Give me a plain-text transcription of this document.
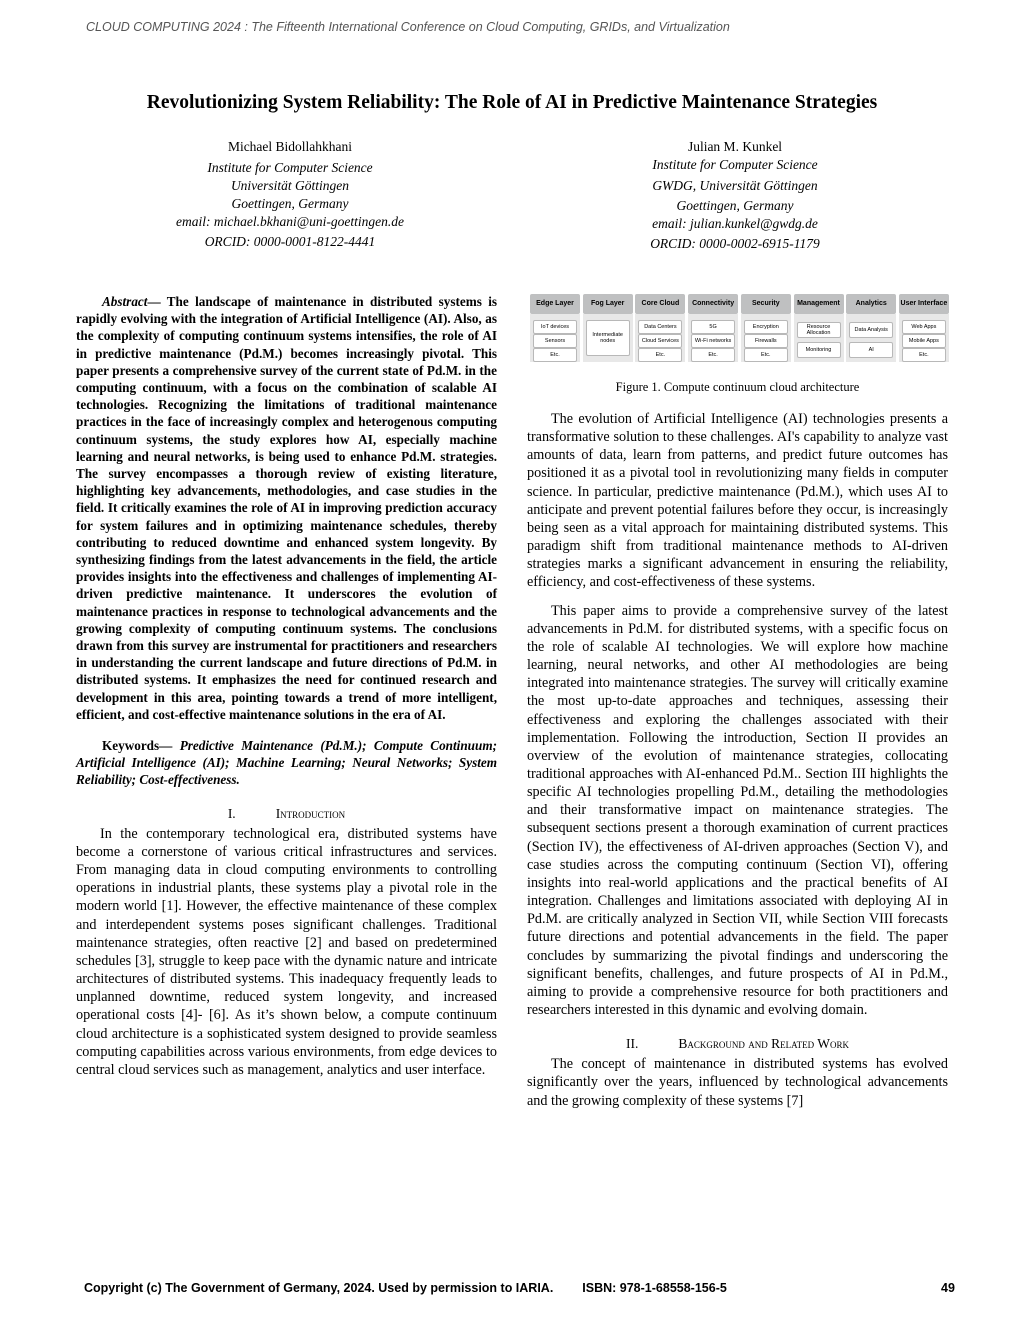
CLOUD COMPUTING 2024 : The Fifteenth International Conference on Cloud Computing, GRIDs, and Virtualization
Revolutionizing System Reliability: The Role of AI in Predictive Maintenance Strategies
Michael Bidollahkhani
Institute for Computer Science
Universität Göttingen
Goettingen, Germany
email: michael.bkhani@uni-goettingen.de
ORCID: 0000-0001-8122-4441
Julian M. Kunkel
Institute for Computer Science
GWDG, Universität Göttingen
Goettingen, Germany
email: julian.kunkel@gwdg.de
ORCID: 0000-0002-6915-1179

Abstract— The landscape of maintenance in distributed systems is rapidly evolving with the integration of Artificial Intelligence (AI). Also, as the complexity of computing continuum systems intensifies, the role of AI in predictive maintenance (Pd.M.) becomes increasingly pivotal. This paper presents a comprehensive survey of the current state of Pd.M. in the computing continuum, with a focus on the combination of scalable AI technologies. Recognizing the limitations of traditional maintenance practices in the face of increasingly complex and heterogenous computing continuum systems, the study explores how AI, especially machine learning and neural networks, is being used to enhance Pd.M. strategies. The survey encompasses a thorough review of existing literature, highlighting key advancements, methodologies, and case studies in the field. It critically examines the role of AI in improving prediction accuracy for system failures and in optimizing maintenance schedules, thereby contributing to reduced downtime and enhanced system longevity. By synthesizing findings from the latest advancements in the field, the article provides insights into the effectiveness and challenges of implementing AI-driven predictive maintenance. It underscores the evolution of maintenance practices in response to technological advancements and the growing complexity of computing continuum systems. The conclusions drawn from this survey are instrumental for practitioners and researchers in understanding the current landscape and future directions of Pd.M. in distributed systems. It emphasizes the need for continued research and development in this area, pointing towards a trend of more intelligent, efficient, and cost-effective maintenance solutions in the era of AI.

Keywords— Predictive Maintenance (Pd.M.); Compute Continuum; Artificial Intelligence (AI); Machine Learning; Neural Networks; System Reliability; Cost-effectiveness.

I.	Introduction

In the contemporary technological era, distributed systems have become a cornerstone of various critical infrastructures and services. From managing data in cloud computing environments to controlling operations in industrial plants, these systems play a pivotal role in the modern world [1]. However, the effective maintenance of these complex and interdependent systems poses significant challenges. Traditional maintenance strategies, often reactive [2] and based on predetermined schedules [3], struggle to keep pace with the dynamic nature and intricate architectures of distributed systems. This inadequacy frequently leads to unplanned downtime, reduced system longevity, and increased operational costs [4]- [6]. As it’s shown below, a compute continuum cloud architecture is a sophisticated system designed to provide seamless computing capabilities across various environments, from edge devices to central cloud services such as management, analytics and user interface.

Edge Layer
IoT devices
Sensors
Etc.
Fog Layer
Intermediate nodes
Core Cloud
Data Centers
Cloud Services
Etc.
Connectivity
5G
Wi-Fi networks
Etc.
Security
Encryption
Firewalls
Etc.
Management
Resource Allocation
Monitoring
Analytics
Data Analysis
AI
User Interface
Web Apps
Mobile Apps
Etc.
Figure 1. Compute continuum cloud architecture

The evolution of Artificial Intelligence (AI) technologies presents a transformative solution to these challenges. AI's capability to analyze vast amounts of data, learn from patterns, and predict future outcomes has positioned it as a pivotal tool in revolutionizing many fields in computer science. In particular, predictive maintenance (Pd.M.), which uses AI to anticipate and prevent potential failures before they occur, is increasingly being seen as a vital approach for maintaining distributed systems. This paradigm shift from traditional maintenance methods to AI-driven strategies marks a significant advancement in ensuring the reliability, efficiency, and cost-effectiveness of these systems.

This paper aims to provide a comprehensive survey of the latest advancements in Pd.M. for distributed systems, with a specific focus on the role of scalable AI technologies. We will explore how machine learning, neural networks, and other AI methodologies are being integrated into maintenance strategies. The survey will critically examine the most up-to-date approaches and techniques, assessing their effectiveness and exploring the challenges associated with their implementation. Following the introduction, Section II provides an overview of the evolution of maintenance strategies, collocating traditional approaches with AI-enhanced Pd.M.. Section III highlights the specific AI technologies propelling Pd.M., detailing the methodologies and their transformative impact on maintenance strategies. The subsequent sections present a thorough examination of current practices (Section IV), the effectiveness of AI-driven approaches (Section V), and case studies across the computing continuum (Section VI), offering insights into real-world applications and the practical benefits of AI integration. Challenges and limitations associated with deploying AI in Pd.M. are critically analyzed in Section VII, while Section VIII forecasts future directions and potential advancements in the field. The paper concludes by summarizing the pivotal findings and underscoring the significant benefits, challenges, and future prospects of AI in Pd.M., aiming to provide a comprehensive resource for both practitioners and researchers interested in this dynamic and evolving domain.

II.	Background and Related Work

The concept of maintenance in distributed systems has evolved significantly over the years, influenced by technological advancements and the growing complexity of these systems [7]

Copyright (c) The Government of Germany, 2024. Used by permission to IARIA. ISBN: 978-1-68558-156-5	49
